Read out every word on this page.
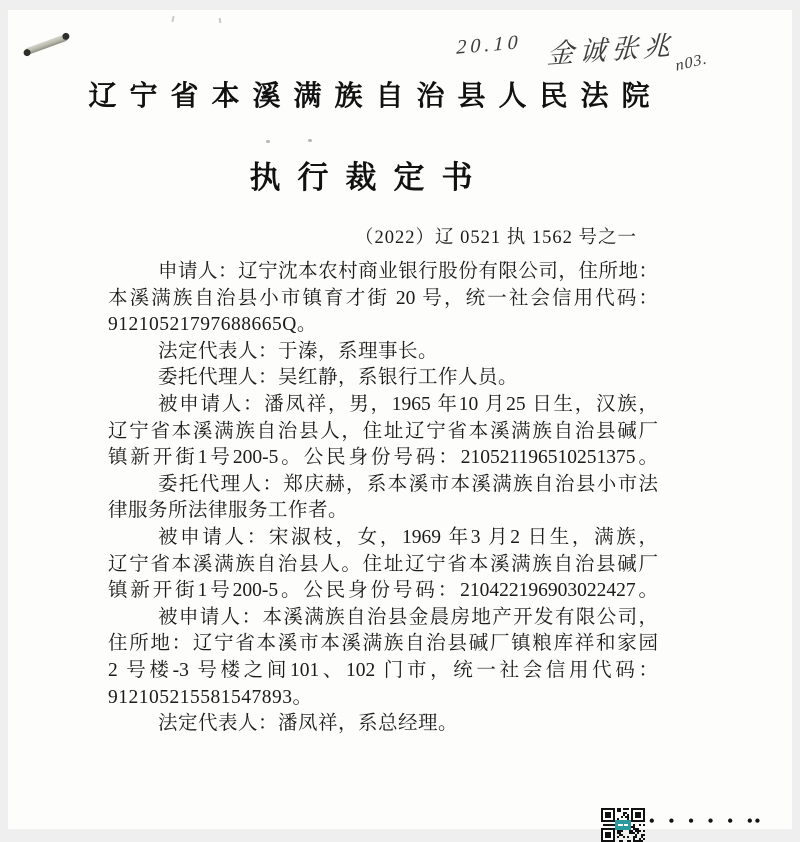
20.10 金诚张兆
n03.
辽宁省本溪满族自治县人民法院
执行裁定书
（2022）辽 0521 执 1562 号之一
申请人：辽宁沈本农村商业银行股份有限公司，住所地：
本溪满族自治县小市镇育才街 20 号，统一社会信用代码：
91210521797688665Q。
法定代表人：于溱，系理事长。
委托代理人：吴红静，系银行工作人员。
被申请人：潘凤祥，男，1965 年10 月25 日生，汉族，
辽宁省本溪满族自治县人，住址辽宁省本溪满族自治县碱厂
镇新开街1号200-5。公民身份号码：210521196510251375。
委托代理人：郑庆赫，系本溪市本溪满族自治县小市法
律服务所法律服务工作者。
被申请人：宋淑枝，女，1969 年3 月2 日生，满族，
辽宁省本溪满族自治县人。住址辽宁省本溪满族自治县碱厂
镇新开街1号200-5。公民身份号码：210422196903022427。
被申请人：本溪满族自治县金晨房地产开发有限公司，
住所地：辽宁省本溪市本溪满族自治县碱厂镇粮库祥和家园
2 号楼-3 号楼之间101、102 门市，统一社会信用代码：
912105215581547893。
法定代表人：潘凤祥，系总经理。
• • • • • ••
